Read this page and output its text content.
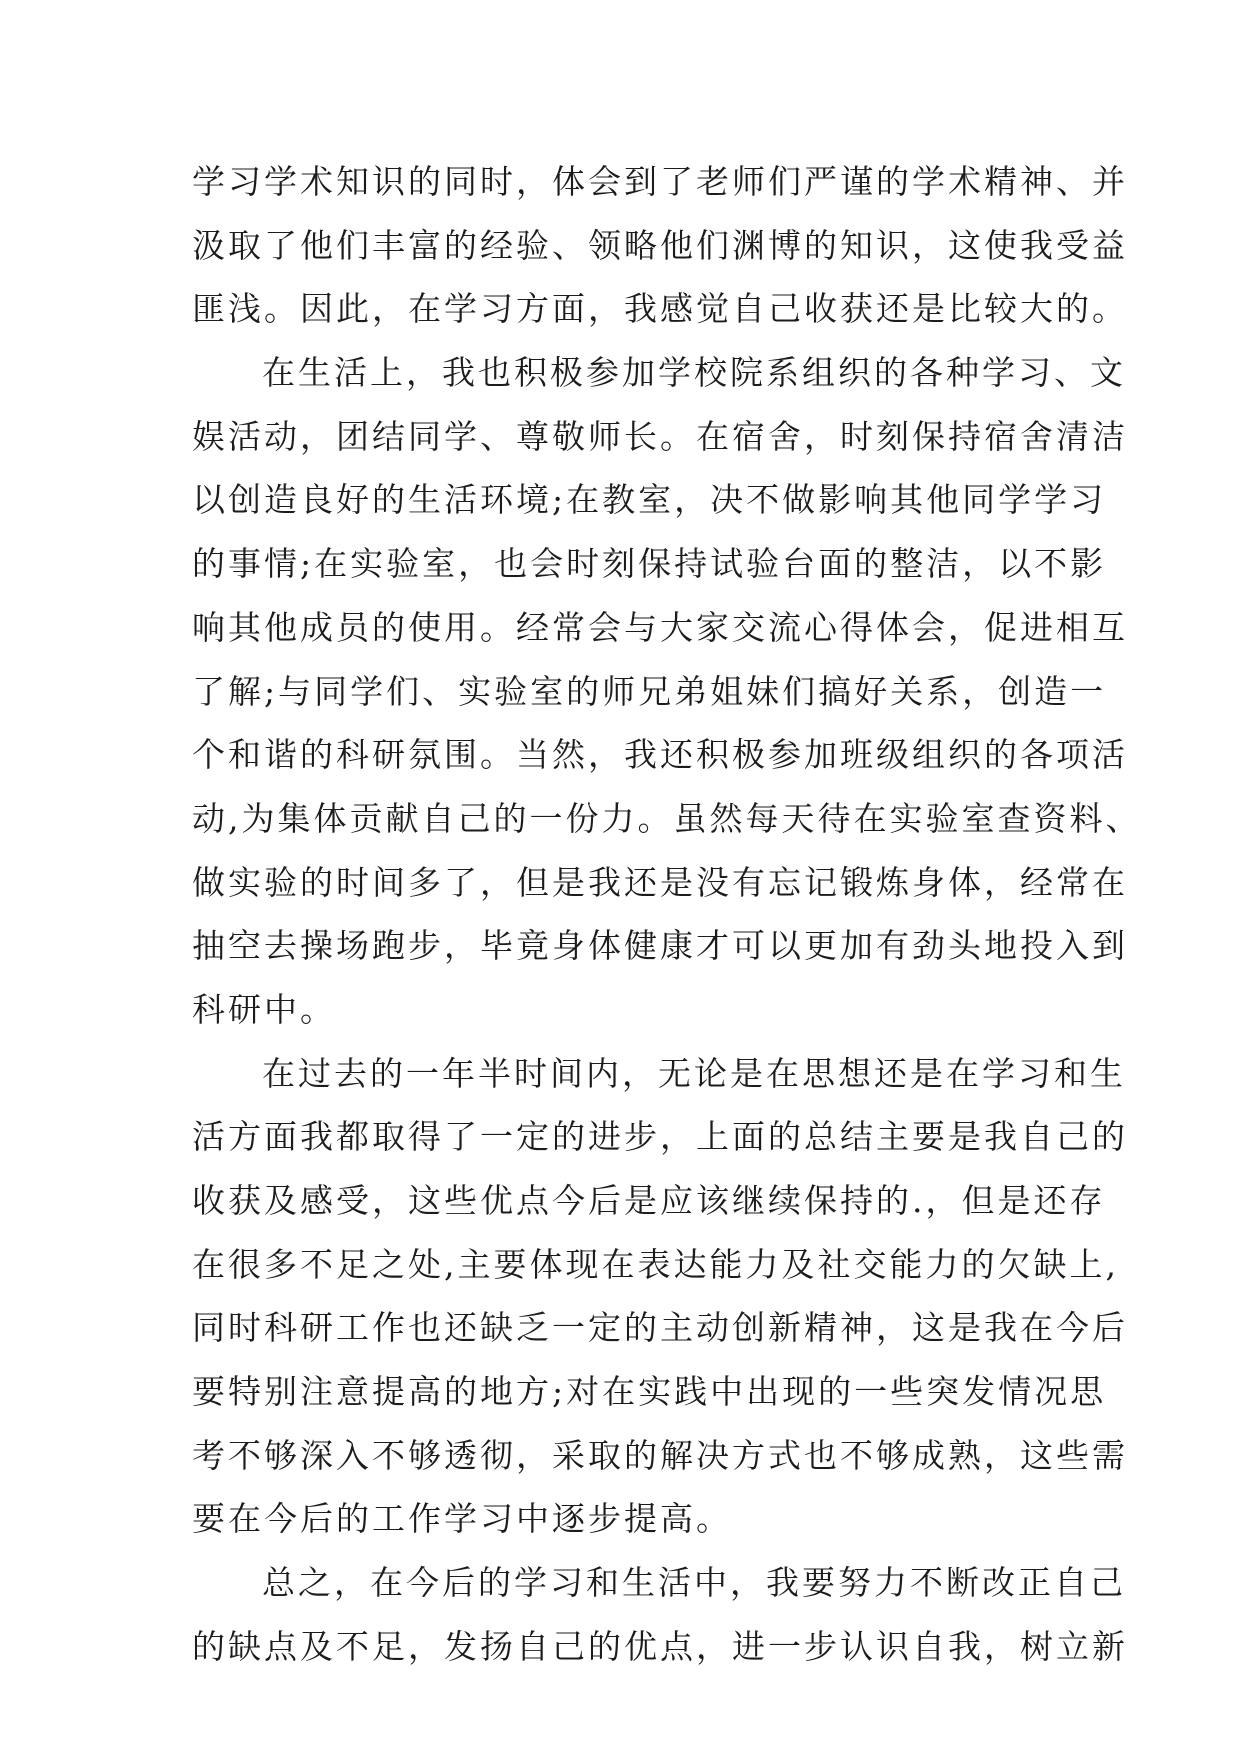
学习学术知识的同时，体会到了老师们严谨的学术精神、并
汲取了他们丰富的经验、领略他们渊博的知识，这使我受益
匪浅。因此，在学习方面，我感觉自己收获还是比较大的。
在生活上，我也积极参加学校院系组织的各种学习、文
娱活动，团结同学、尊敬师长。在宿舍，时刻保持宿舍清洁
以创造良好的生活环境;在教室，决不做影响其他同学学习
的事情;在实验室，也会时刻保持试验台面的整洁，以不影
响其他成员的使用。经常会与大家交流心得体会，促进相互
了解;与同学们、实验室的师兄弟姐妹们搞好关系，创造一
个和谐的科研氛围。当然，我还积极参加班级组织的各项活
动,为集体贡献自己的一份力。虽然每天待在实验室查资料、
做实验的时间多了，但是我还是没有忘记锻炼身体，经常在
抽空去操场跑步，毕竟身体健康才可以更加有劲头地投入到
科研中。
在过去的一年半时间内，无论是在思想还是在学习和生
活方面我都取得了一定的进步，上面的总结主要是我自己的
收获及感受，这些优点今后是应该继续保持的.，但是还存
在很多不足之处,主要体现在表达能力及社交能力的欠缺上,
同时科研工作也还缺乏一定的主动创新精神，这是我在今后
要特别注意提高的地方;对在实践中出现的一些突发情况思
考不够深入不够透彻，采取的解决方式也不够成熟，这些需
要在今后的工作学习中逐步提高。
总之，在今后的学习和生活中，我要努力不断改正自己
的缺点及不足，发扬自己的优点，进一步认识自我，树立新
